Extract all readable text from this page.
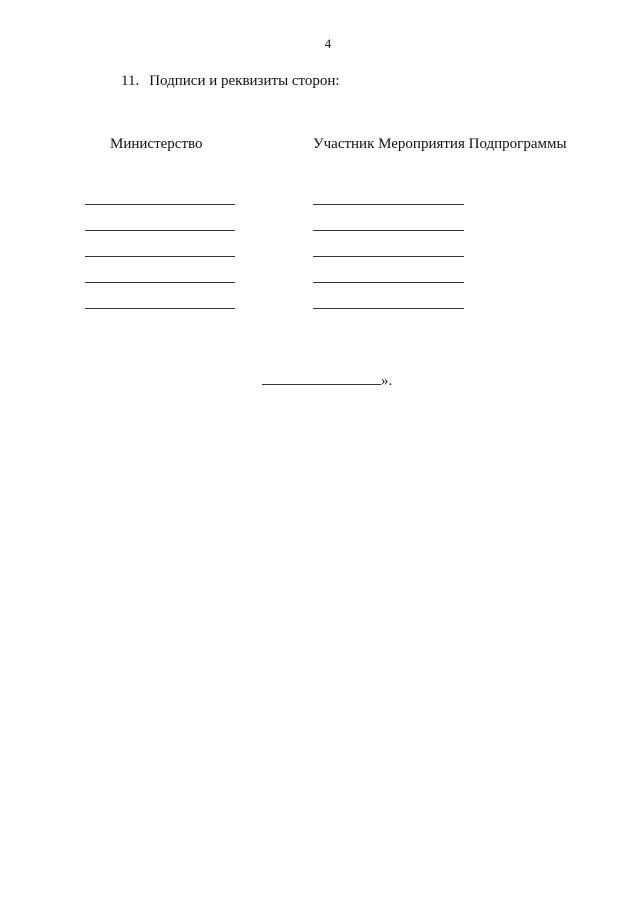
4
11. Подписи и реквизиты сторон:
Министерство	Участник Мероприятия Подпрограммы
».
